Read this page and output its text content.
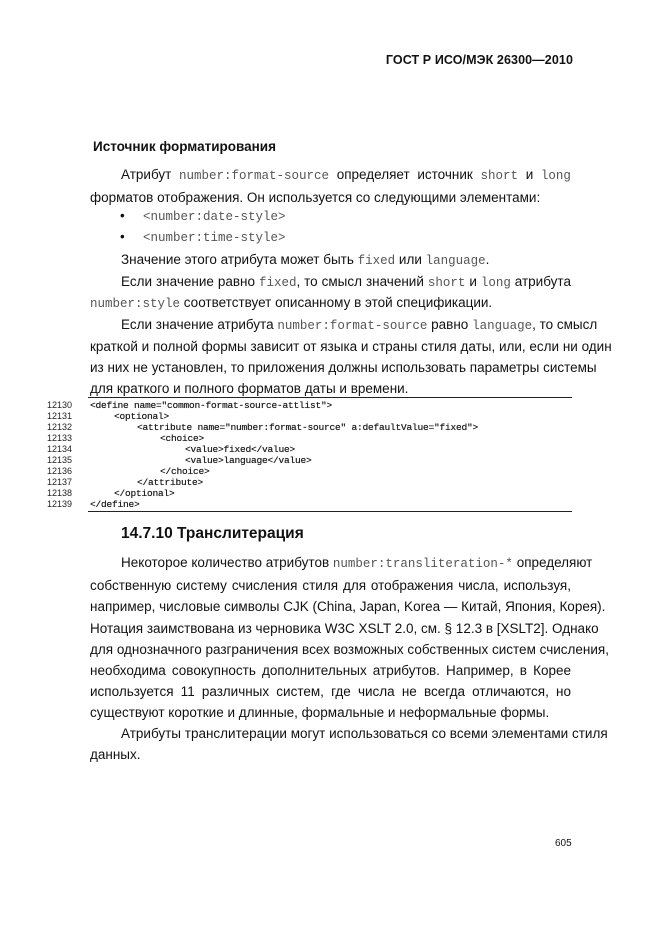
ГОСТ Р ИСО/МЭК 26300—2010
Источник форматирования
Атрибут number:format-source определяет источник short и long
форматов отображения. Он используется со следующими элементами:
• <number:date-style>
• <number:time-style>
Значение этого атрибута может быть fixed или language.
Если значение равно fixed, то смысл значений short и long атрибута
number:style соответствует описанному в этой спецификации.
Если значение атрибута number:format-source равно language, то смысл
краткой и полной формы зависит от языка и страны стиля даты, или, если ни один
из них не установлен, то приложения должны использовать параметры системы
для краткого и полного форматов даты и времени.
12130
12131
12132
12133
12134
12135
12136
12137
12138
12139
<define name="common-format-source-attlist">
<optional>
<attribute name="number:format-source" a:defaultValue="fixed">
<choice>
<value>fixed</value>
<value>language</value>
</choice>
</attribute>
</optional>
</define>
14.7.10 Транслитерация
Некоторое количество атрибутов number:transliteration-* определяют
собственную систему счисления стиля для отображения числа, используя,
например, числовые символы CJK (China, Japan, Korea — Китай, Япония, Корея).
Нотация заимствована из черновика W3C XSLT 2.0, см. § 12.3 в [XSLT2]. Однако
для однозначного разграничения всех возможных собственных систем счисления,
необходима совокупность дополнительных атрибутов. Например, в Корее
используется 11 различных систем, где числа не всегда отличаются, но
существуют короткие и длинные, формальные и неформальные формы.
Атрибуты транслитерации могут использоваться со всеми элементами стиля
данных.
605
